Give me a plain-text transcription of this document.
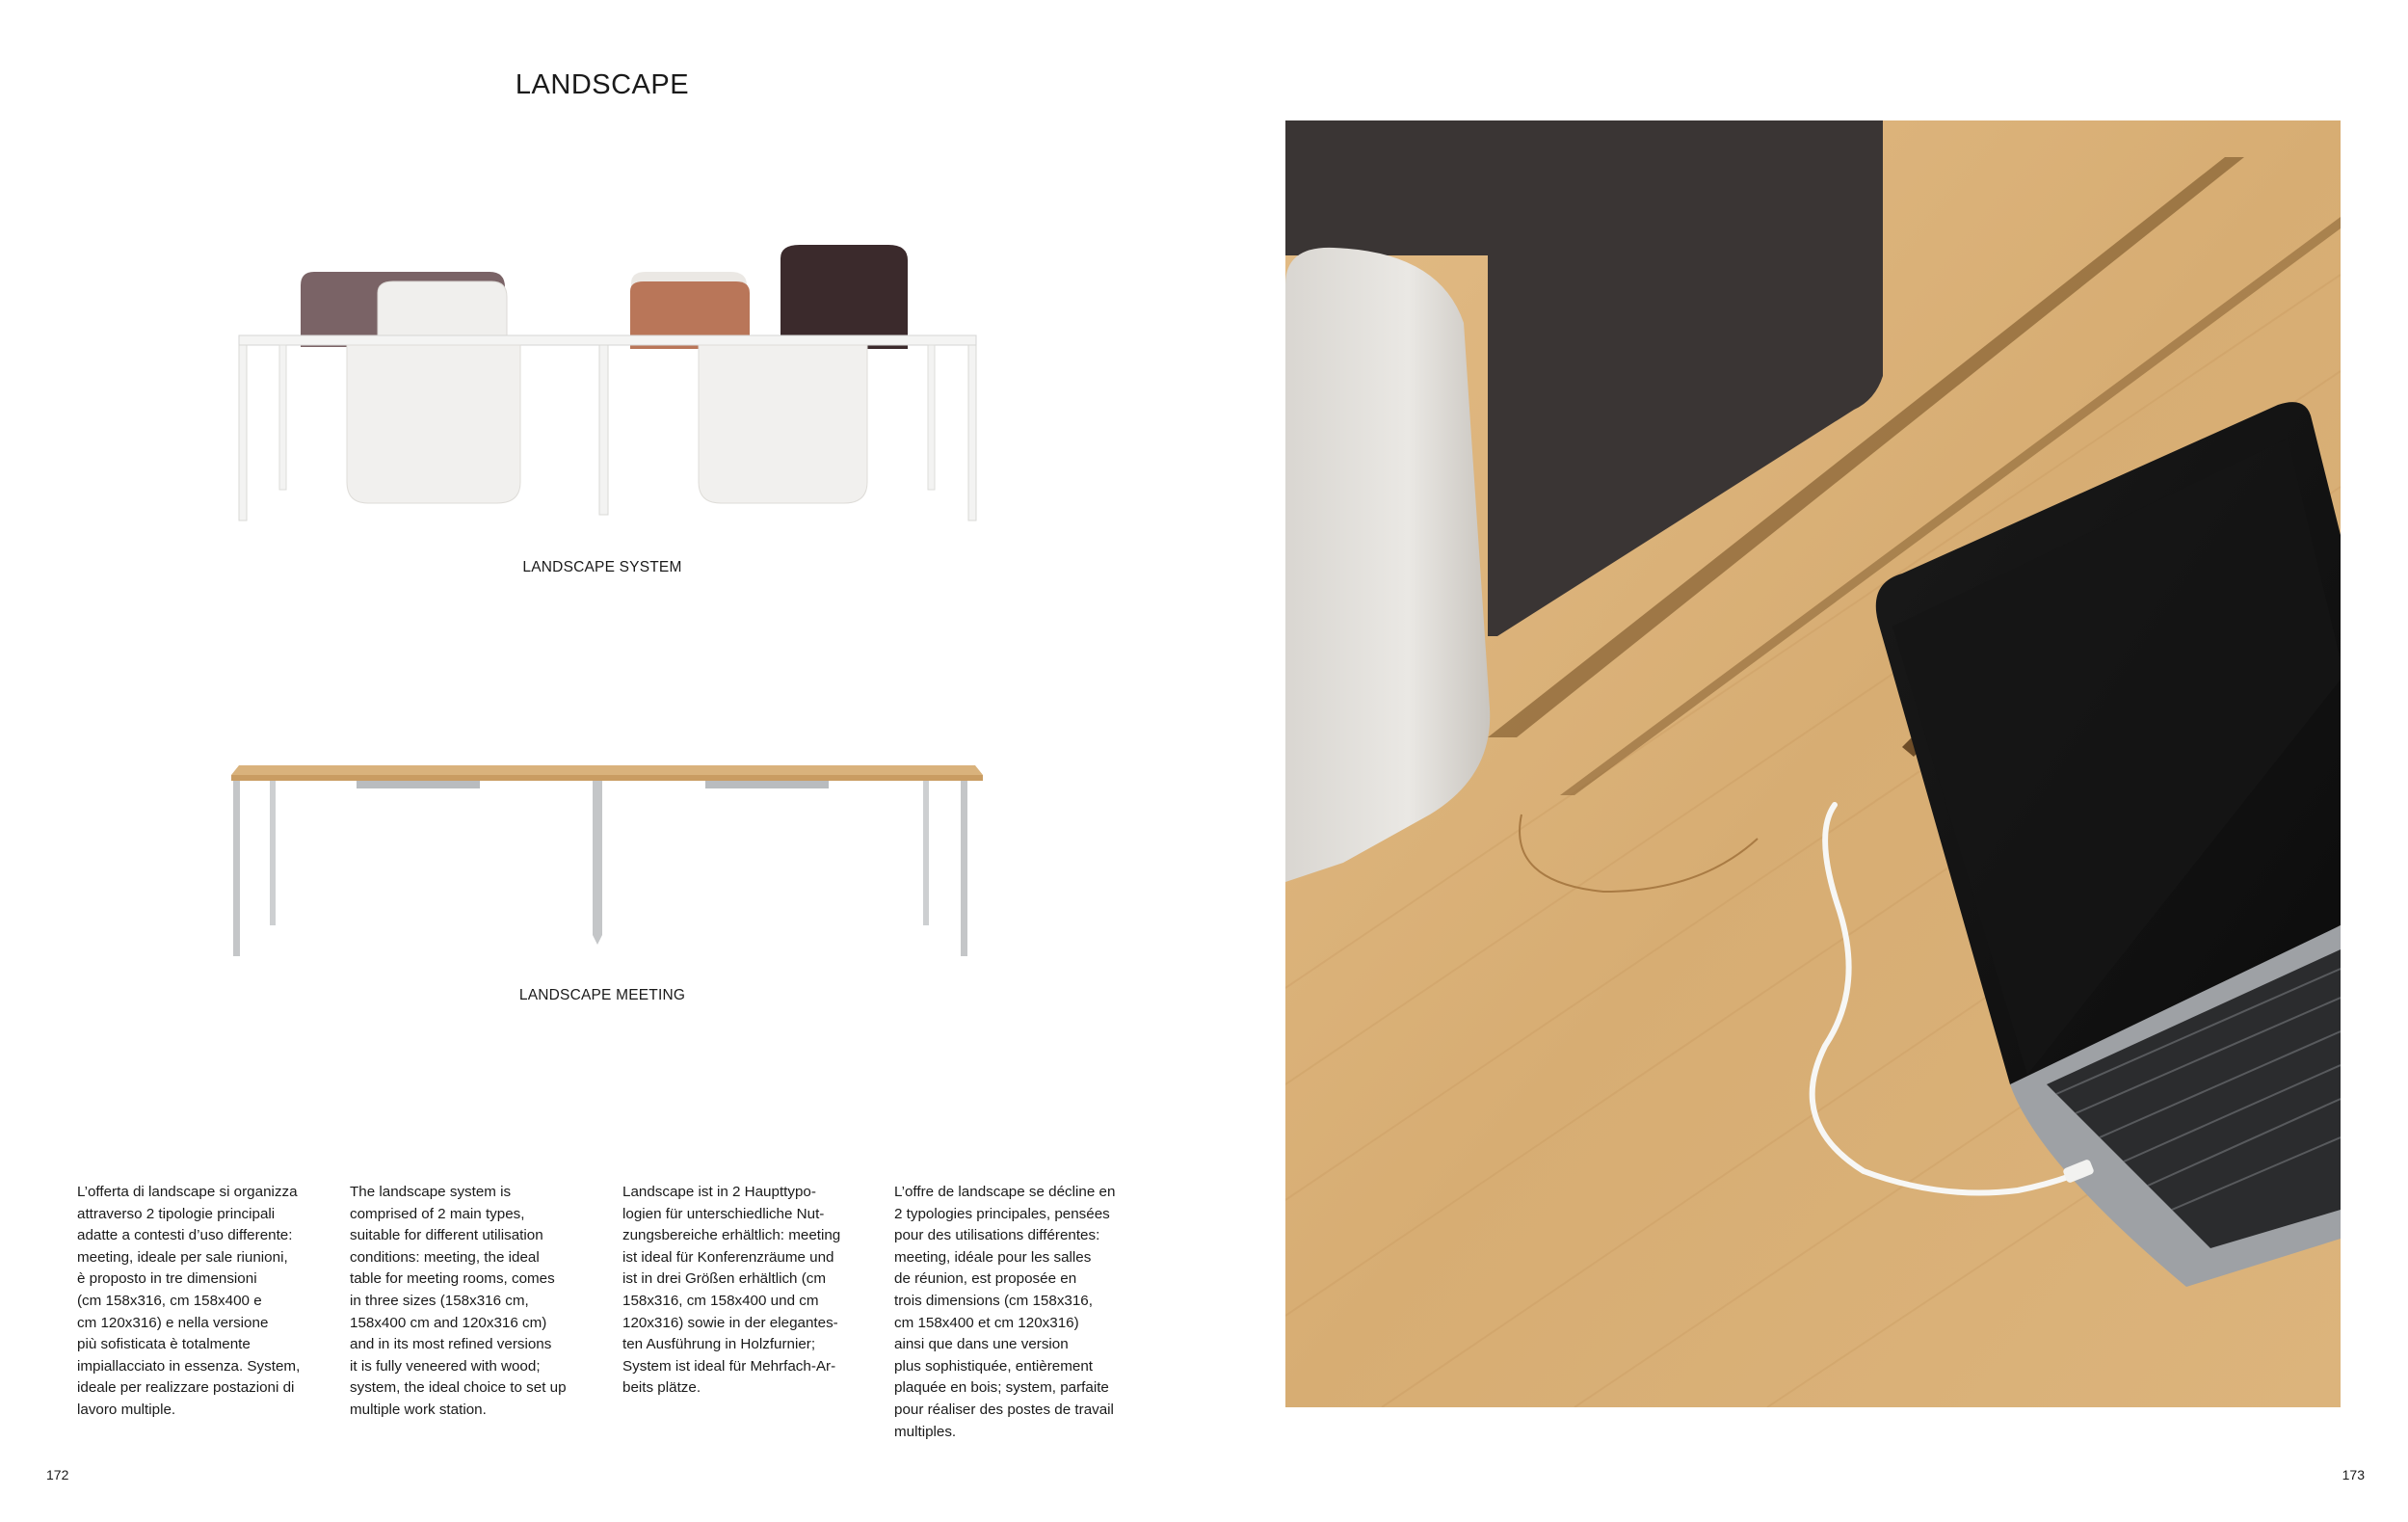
LANDSCAPE
LANDSCAPE SYSTEM
LANDSCAPE MEETING
L’offerta di landscape si organizza
attraverso 2 tipologie principali
adatte a contesti d’uso differente:
meeting, ideale per sale riunioni,
è proposto in tre dimensioni
(cm 158x316, cm 158x400 e
cm 120x316) e nella versione
più sofisticata è totalmente
impiallacciato in essenza. System,
ideale per realizzare postazioni di
lavoro multiple.
The landscape system is
comprised of 2 main types,
suitable for different utilisation
conditions: meeting, the ideal
table for meeting rooms, comes
in three sizes (158x316 cm,
158x400 cm and 120x316 cm)
and in its most refined versions
it is fully veneered with wood;
system, the ideal choice to set up
multiple work station.
Landscape ist in 2 Haupttypo-
logien für unterschiedliche Nut-
zungsbereiche erhältlich: meeting
ist ideal für Konferenzräume und
ist in drei Größen erhältlich (cm
158x316, cm 158x400 und cm
120x316) sowie in der elegantes-
ten Ausführung in Holzfurnier;
System ist ideal für Mehrfach-Ar-
beits plätze.
L’offre de landscape se décline en
2 typologies principales, pensées
pour des utilisations différentes:
meeting, idéale pour les salles
de réunion, est proposée en
trois dimensions (cm 158x316,
cm 158x400 et cm 120x316)
ainsi que dans une version
plus sophistiquée, entièrement
plaquée en bois; system, parfaite
pour réaliser des postes de travail
multiples.
172	173
